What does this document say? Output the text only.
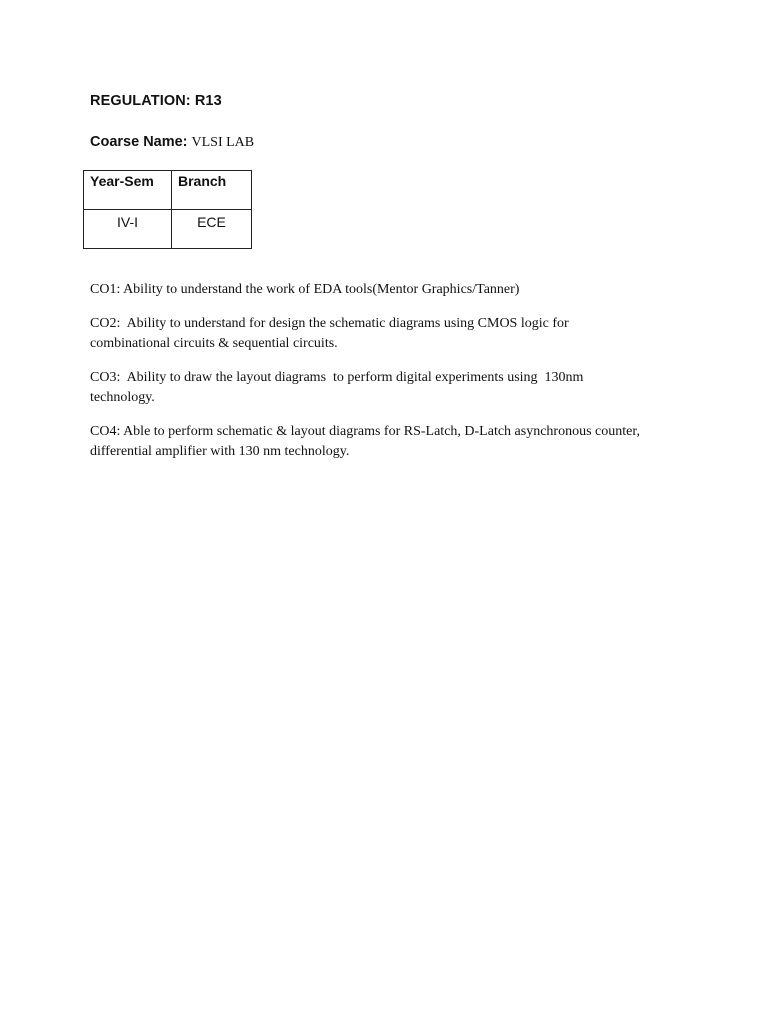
REGULATION: R13
Coarse Name: VLSI LAB
Year-Sem	Branch
IV-I	ECE

CO1: Ability to understand the work of EDA tools(Mentor Graphics/Tanner)

CO2:  Ability to understand for design the schematic diagrams using CMOS logic for combinational circuits & sequential circuits.

CO3:  Ability to draw the layout diagrams  to perform digital experiments using  130nm technology.

CO4: Able to perform schematic & layout diagrams for RS-Latch, D-Latch asynchronous counter, differential amplifier with 130 nm technology.
